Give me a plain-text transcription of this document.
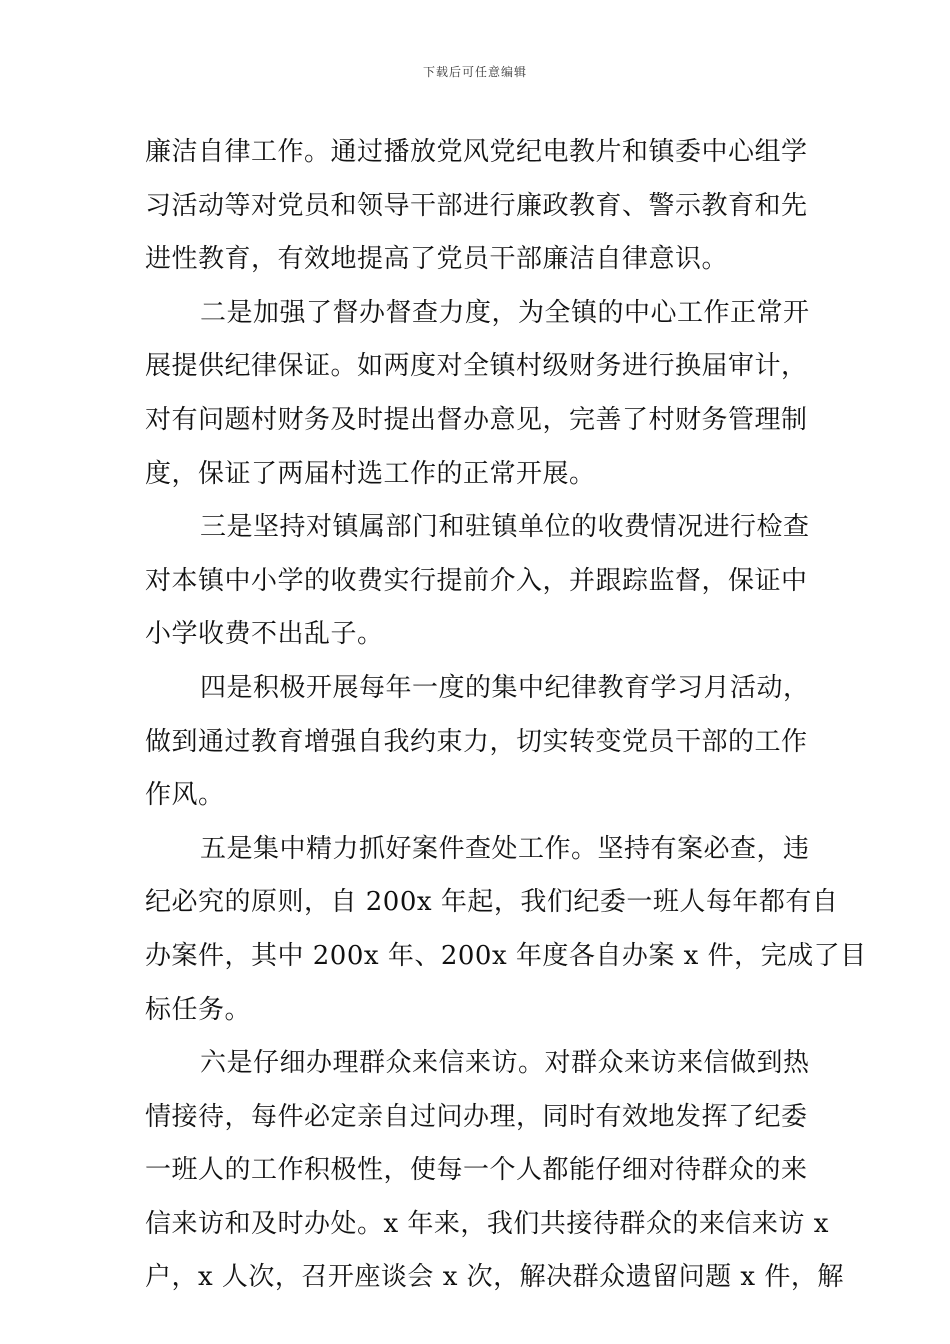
下载后可任意编辑
廉洁自律工作。通过播放党风党纪电教片和镇委中心组学
习活动等对党员和领导干部进行廉政教育、警示教育和先
进性教育，有效地提高了党员干部廉洁自律意识。
二是加强了督办督查力度，为全镇的中心工作正常开
展提供纪律保证。如两度对全镇村级财务进行换届审计，
对有问题村财务及时提出督办意见，完善了村财务管理制
度，保证了两届村选工作的正常开展。
三是坚持对镇属部门和驻镇单位的收费情况进行检查
对本镇中小学的收费实行提前介入，并跟踪监督，保证中
小学收费不出乱子。
四是积极开展每年一度的集中纪律教育学习月活动，
做到通过教育增强自我约束力，切实转变党员干部的工作
作风。
五是集中精力抓好案件查处工作。坚持有案必查，违
纪必究的原则，自 200x 年起，我们纪委一班人每年都有自
办案件，其中 200x 年、200x 年度各自办案 x 件，完成了目
标任务。
六是仔细办理群众来信来访。对群众来访来信做到热
情接待，每件必定亲自过问办理，同时有效地发挥了纪委
一班人的工作积极性，使每一个人都能仔细对待群众的来
信来访和及时办处。x 年来，我们共接待群众的来信来访 x
户，x 人次，召开座谈会 x 次，解决群众遗留问题 x 件，解
